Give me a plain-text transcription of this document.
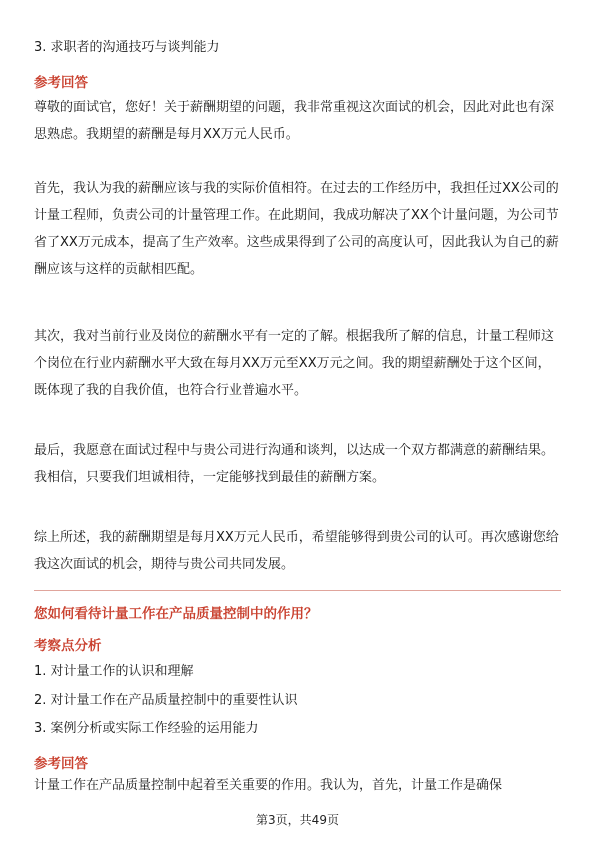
3. 求职者的沟通技巧与谈判能力
参考回答

尊敬的面试官，您好！关于薪酬期望的问题，我非常重视这次面试的机会，因此对此也有深思熟虑。我期望的薪酬是每月XX万元人民币。

首先，我认为我的薪酬应该与我的实际价值相符。在过去的工作经历中，我担任过XX公司的计量工程师，负责公司的计量管理工作。在此期间，我成功解决了XX个计量问题，为公司节省了XX万元成本，提高了生产效率。这些成果得到了公司的高度认可，因此我认为自己的薪酬应该与这样的贡献相匹配。

其次，我对当前行业及岗位的薪酬水平有一定的了解。根据我所了解的信息，计量工程师这个岗位在行业内薪酬水平大致在每月XX万元至XX万元之间。我的期望薪酬处于这个区间，既体现了我的自我价值，也符合行业普遍水平。

最后，我愿意在面试过程中与贵公司进行沟通和谈判，以达成一个双方都满意的薪酬结果。我相信，只要我们坦诚相待，一定能够找到最佳的薪酬方案。

综上所述，我的薪酬期望是每月XX万元人民币，希望能够得到贵公司的认可。再次感谢您给我这次面试的机会，期待与贵公司共同发展。

您如何看待计量工作在产品质量控制中的作用？
考察点分析
1. 对计量工作的认识和理解
2. 对计量工作在产品质量控制中的重要性认识
3. 案例分析或实际工作经验的运用能力
参考回答
计量工作在产品质量控制中起着至关重要的作用。我认为，首先，计量工作是确保
第3页，共49页
